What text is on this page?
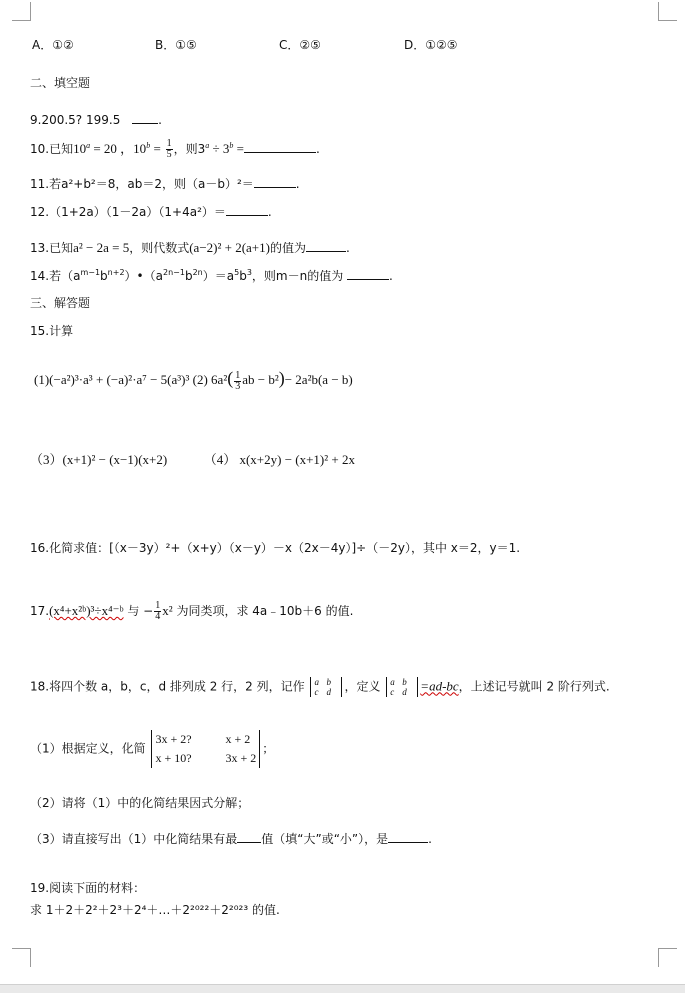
A．①②	B．①⑤	C．②⑤	D．①②⑤
二、填空题
9.200.5? 199.5	.
10.已知$10^a = 20$ ，$10^b = \frac{1}{5}$ ，则$3^a \div 3^b$ =	.
11.若a²+b²＝8，ab＝2，则（a－b）²＝	.
12.（1+2a）（1－2a）（1+4a²）＝	.
13.已知a² − 2a = 5，则代数式(a−2)² + 2(a+1)的值为	.
14.若$(a^{m-1}b^{n+2})•(a^{2n-1}b^{2n})=a^5b^3$，则m－n的值为	.
三、解答题
15.计算
(1)(−a²)³·a³ + (−a)²·a⁷ − 5(a³)³ (2) $6a^2( \frac{1}{3}$ ab − b²)− 2a²b(a − b)
（3）(x+1)² − (x−1)(x+2)	（4） x(x+2y) − (x+1)² + 2x
16.化简求值：[（x－3y）²+（x+y）（x－y）－x（2x－4y）]÷（－2y），其中 x＝2，y＝1.
17.(x⁴+x²ᵇ)³÷x⁴⁻ᵇ 与 − $\frac{1}{4} x^2$ 为同类项，求 4a﹣10b＋6 的值.
18.将四个数 a，b，c，d 排列成 2 行，2 列，记作 a b
c d	，定义 a b
c d	=ad-bc，上述记号就叫 2 阶行列式.
（1）根据定义，化简
3x + 2?	x + 2
x + 10?	3x + 2
；
（2）请将（1）中的化简结果因式分解；
（3）请直接写出（1）中化简结果有最 值（填“大”或“小”），是	.
19.阅读下面的材料：
求 1＋2＋2²＋2³＋2⁴＋…＋2²⁰²²＋2²⁰²³ 的值.
